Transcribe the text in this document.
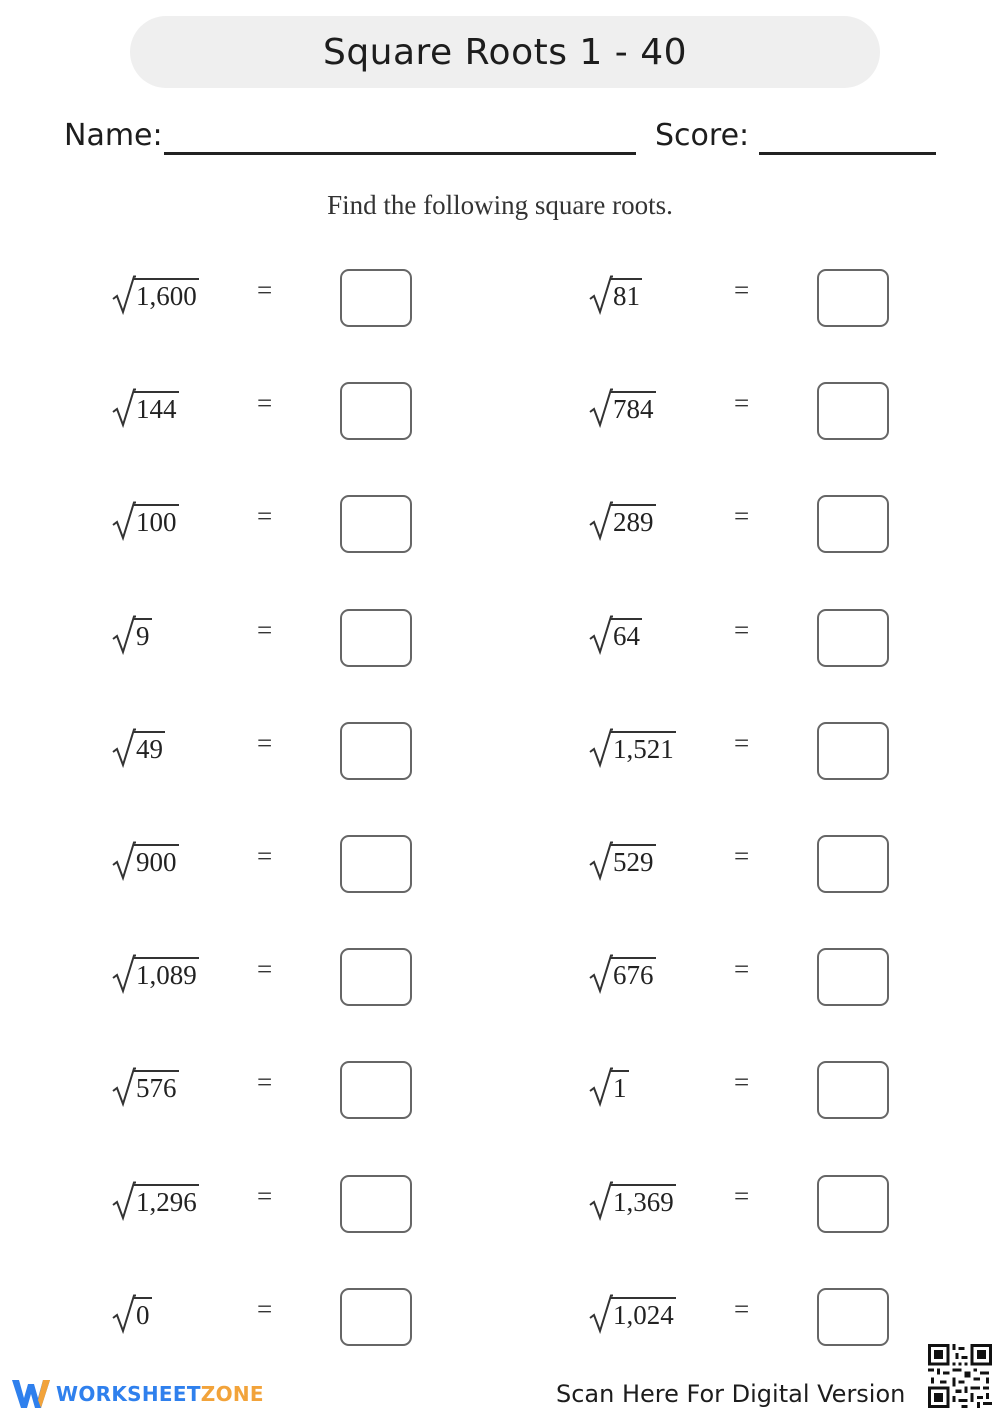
Square Roots 1 - 40
Name:	Score:
Find the following square roots.
1,600 =	81	=
144	=	784	=
100	=	289	=
9	=	64	=
49	=	1,521 =
900	=	529	=
1,089 =	676	=
576	=	1	=
1,296 =	1,369 =
0	=	1,024 =
WORKSHEETZONE	Scan Here For Digital Version
